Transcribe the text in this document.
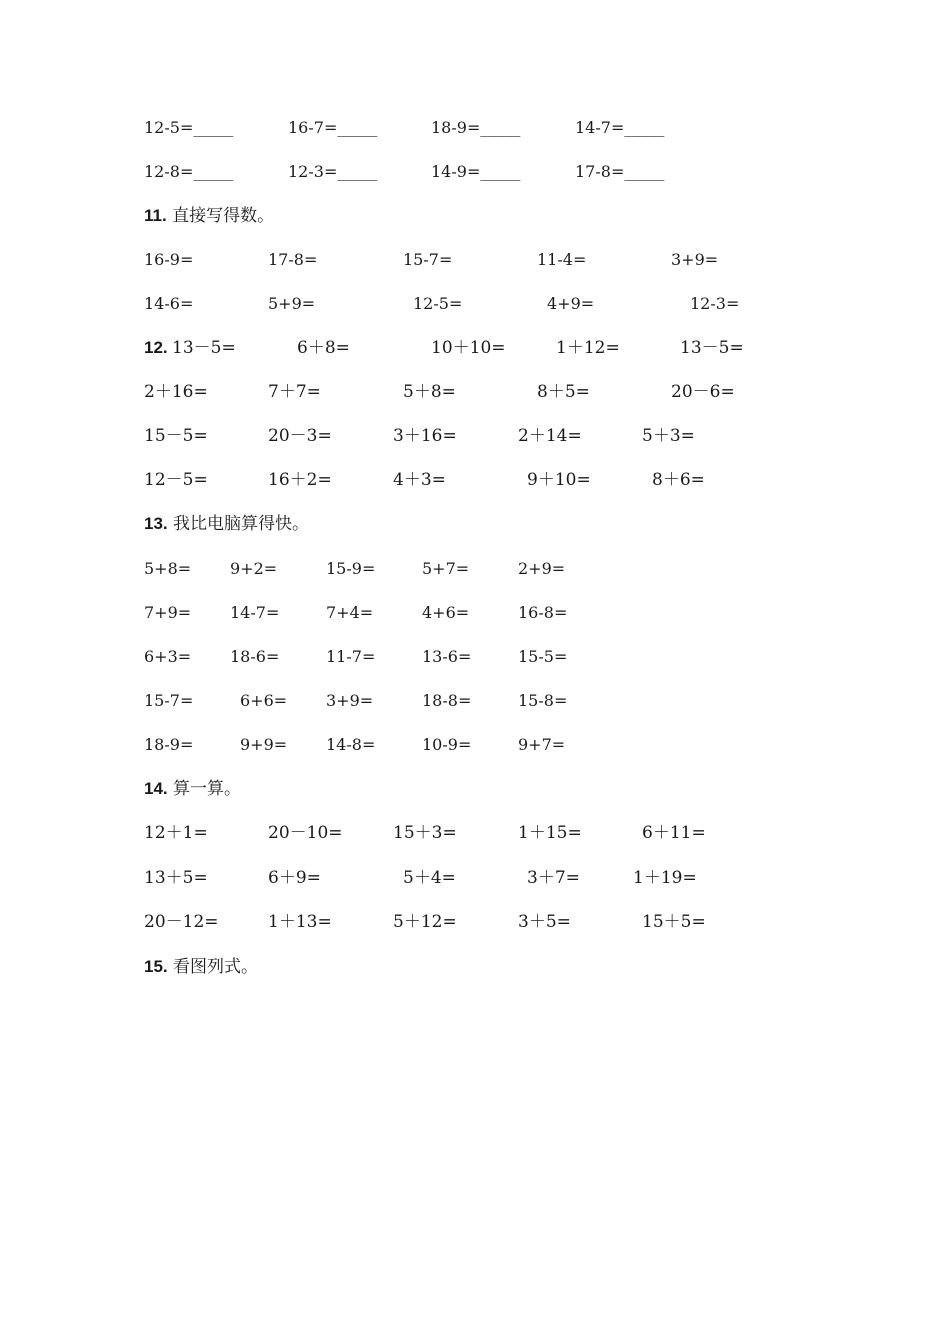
12-5=_____	16-7=_____	18-9=_____	14-7=_____
12-8=_____	12-3=_____	14-9=_____	17-8=_____
11. 直接写得数。
16-9=	17-8=	15-7=	11-4=	3+9=
14-6=	5+9=	12-5=	4+9=	12-3=
12. 13－5=	6＋8=	10＋10=	1＋12=	13－5=
2＋16=	7＋7=	5＋8=	8＋5=	20－6=
15－5=	20－3=	3＋16=	2＋14=	5＋3=
12－5=	16＋2=	4＋3=	9＋10=	8＋6=
13. 我比电脑算得快。
5+8= 9+2=	15-9=	5+7=	2+9=
7+9= 14-7=	7+4=	4+6=	16-8=
6+3= 18-6=	11-7=	13-6=	15-5=
15-7=	6+6= 3+9=	18-8=	15-8=
18-9=	9+9= 14-8=	10-9=	9+7=
14. 算一算。
12＋1=	20－10=	15＋3=	1＋15=	6＋11=
13＋5=	6＋9=	5＋4=	3＋7=	1＋19=
20－12=	1＋13=	5＋12=	3＋5=	15＋5=
15. 看图列式。
